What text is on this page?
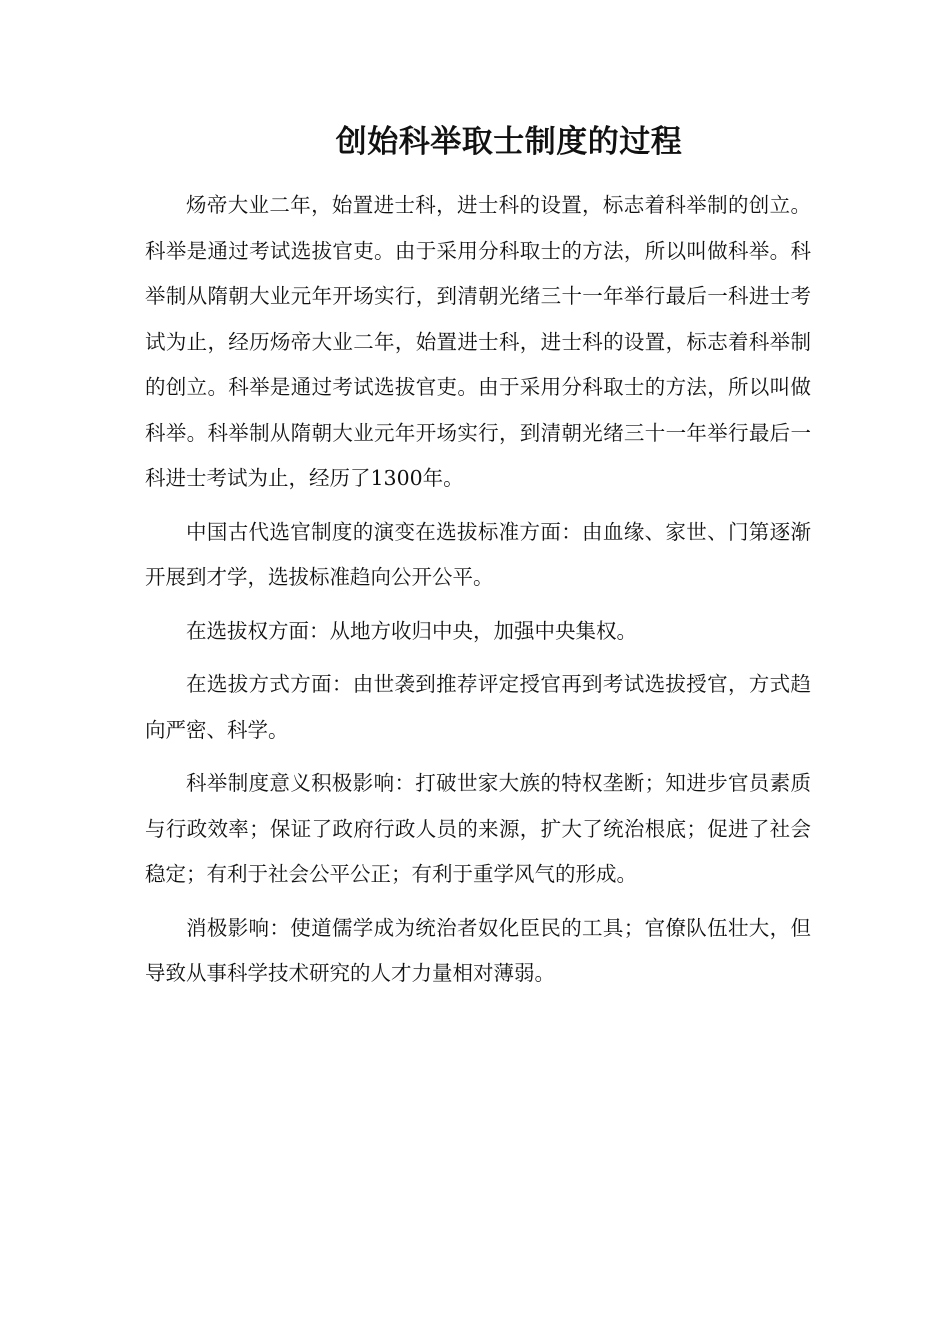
创始科举取士制度的过程

炀帝大业二年，始置进士科，进士科的设置，标志着科举制的创立。科举是通过考试选拔官吏。由于采用分科取士的方法，所以叫做科举。科举制从隋朝大业元年开场实行，到清朝光绪三十一年举行最后一科进士考试为止，经历炀帝大业二年，始置进士科，进士科的设置，标志着科举制的创立。科举是通过考试选拔官吏。由于采用分科取士的方法，所以叫做科举。科举制从隋朝大业元年开场实行，到清朝光绪三十一年举行最后一科进士考试为止，经历了1300年。

中国古代选官制度的演变在选拔标准方面：由血缘、家世、门第逐渐开展到才学，选拔标准趋向公开公平。

在选拔权方面：从地方收归中央，加强中央集权。

在选拔方式方面：由世袭到推荐评定授官再到考试选拔授官，方式趋向严密、科学。

科举制度意义积极影响：打破世家大族的特权垄断；知进步官员素质与行政效率；保证了政府行政人员的来源，扩大了统治根底；促进了社会稳定；有利于社会公平公正；有利于重学风气的形成。

消极影响：使道儒学成为统治者奴化臣民的工具；官僚队伍壮大，但导致从事科学技术研究的人才力量相对薄弱。
